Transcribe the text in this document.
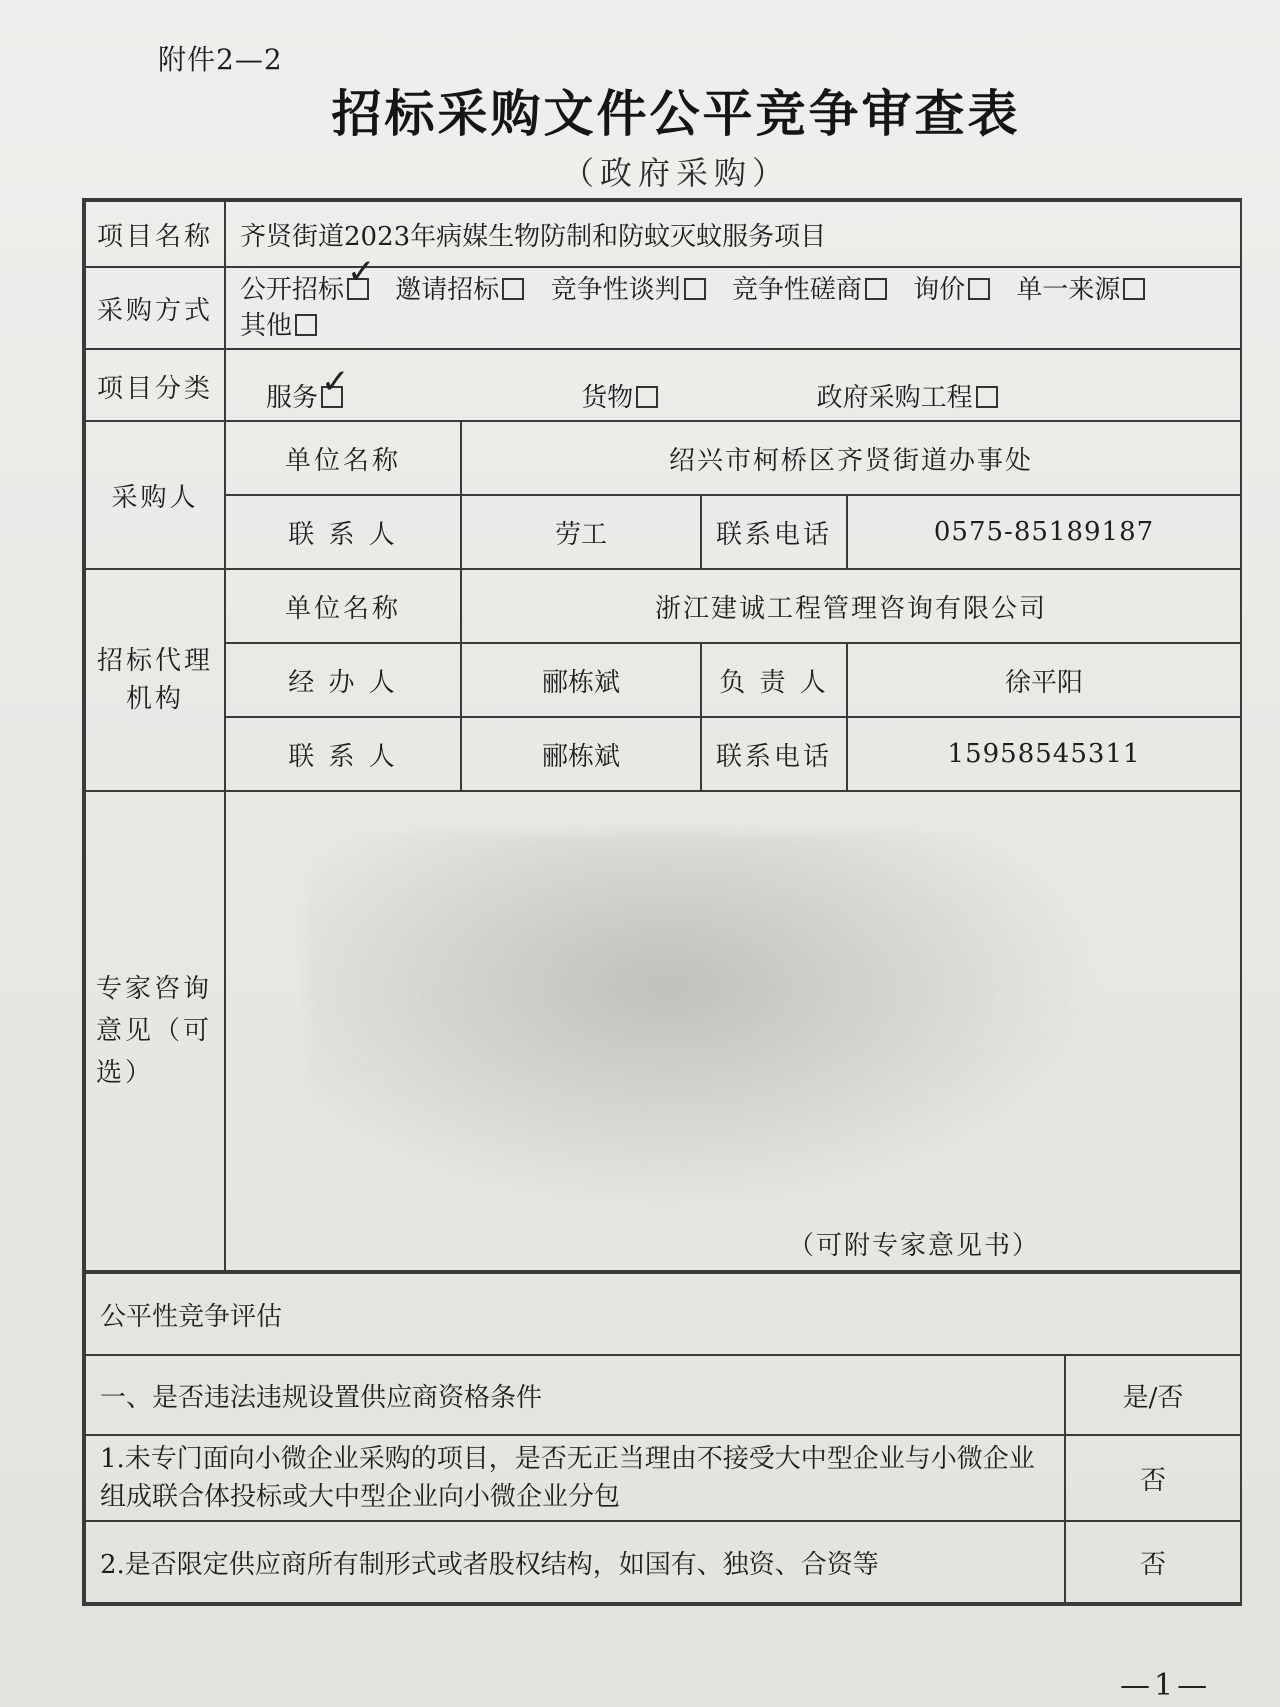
附件2—2
招标采购文件公平竞争审查表
（政府采购）
项目名称	齐贤街道2023年病媒生物防制和防蚊灭蚊服务项目			
采购方式	公开招标 ✓ 邀请招标 竞争性谈判 竞争性磋商 询价 单一来源
其他			
项目分类	服务 ✓ 货物 政府采购工程			
采购人	单位名称	绍兴市柯桥区齐贤街道办事处		
	联 系 人	劳工	联系电话	0575-85189187
招标代理机构	单位名称	浙江建诚工程管理咨询有限公司		
	经 办 人	郦栋斌	负 责 人	徐平阳
	联 系 人	郦栋斌	联系电话	15958545311
专家咨询意见（可选）	（可附专家意见书）			
公平性竞争评估	
一、是否违法违规设置供应商资格条件	是/否
1.未专门面向小微企业采购的项目，是否无正当理由不接受大中型企业与小微企业组成联合体投标或大中型企业向小微企业分包	否
2.是否限定供应商所有制形式或者股权结构，如国有、独资、合资等	否
—1—
